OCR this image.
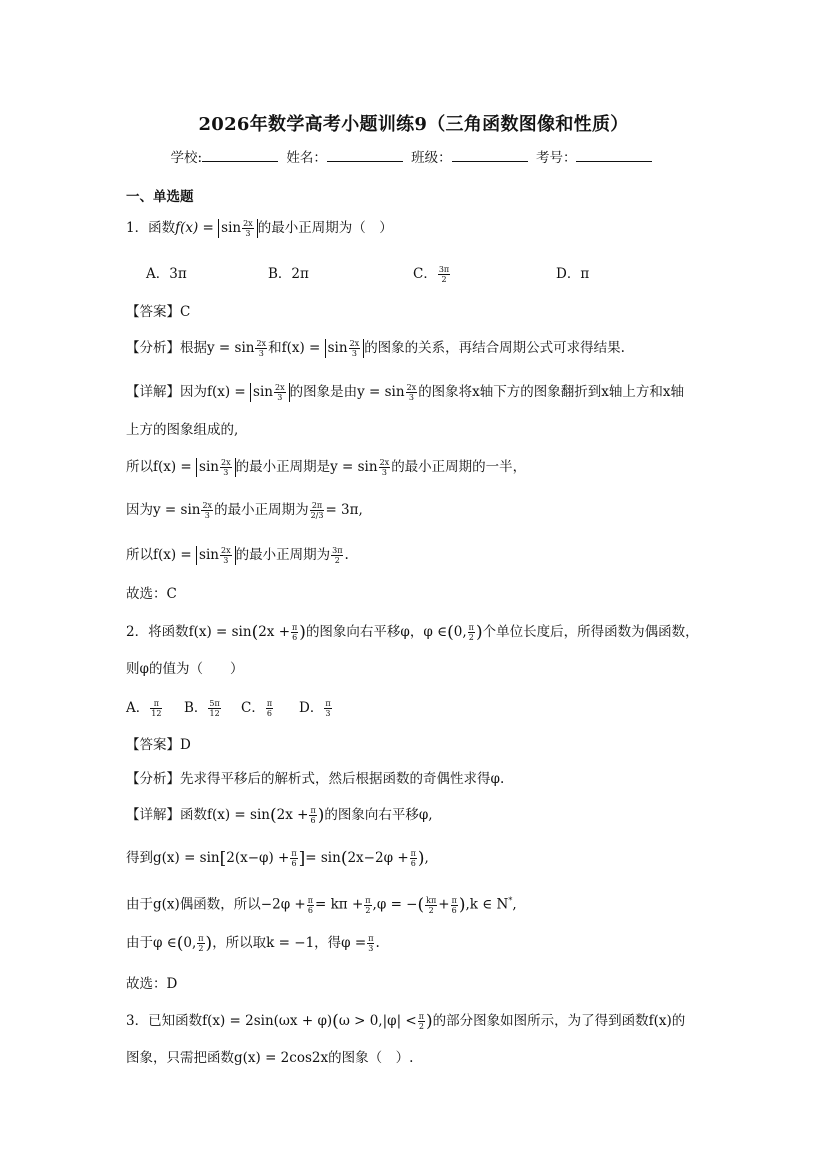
2026年数学高考小题训练9（三角函数图像和性质）
学校:	姓名：	班级：	考号：
一、单选题
1．函数$f(x) = \sin \frac{2x}{3}$ 的最小正周期为（　）
A．3π	B．2π	C． $\frac{3\pi}{2}$	D．π
【答案】C
【分析】根据$y = \sin \frac{2x}{3}$ 和$f(x) = \sin \frac{2x}{3}$ 的图象的关系，再结合周期公式可求得结果.
【详解】因为$f(x) = \sin \frac{2x}{3}$ 的图象是由$y = \sin \frac{2x}{3}$ 的图象将x轴下方的图象翻折到x轴上方和x轴
上方的图象组成的,
所以$f(x) = \sin \frac{2x}{3}$ 的最小正周期是$y = \sin \frac{2x}{3}$ 的最小正周期的一半，
因为$y = \sin \frac{2x}{3}$ 的最小正周期为 $\frac{2\pi}{2/3} = 3\pi$,
所以$f(x) = \sin \frac{2x}{3}$ 的最小正周期为 $\frac{3\pi}{2}$ .
故选：C
2．将函数$f(x) = \sin(2x + \frac{\pi}{6}$ )的图象向右平移φ，φ ∈(0, $\frac{\pi}{2}$ )个单位长度后，所得函数为偶函数，
则φ的值为（　　）
A． $\frac{\pi}{12}$ B． $\frac{5\pi}{12}$ C． $\frac{\pi}{6}$ D． $\frac{\pi}{3}$
【答案】D
【分析】先求得平移后的解析式，然后根据函数的奇偶性求得φ.
【详解】函数$f(x) = \sin(2x + \frac{\pi}{6}$ )的图象向右平移φ,
得到$g(x) = \sin[2(x-\varphi) + \frac{\pi}{6}$ ]= $\sin(2x-2\varphi + \frac{\pi}{6}$ ),
由于g(x)偶函数，所以$-2\varphi + \frac{\pi}{6} = k\pi + \frac{\pi}{2} ,\varphi$ = −( $\frac{k\pi}{2} + \frac{\pi}{6} ),k$ ∈ N*,
由于φ ∈(0, $\frac{\pi}{2}$ )，所以取k = −1，得$\varphi = \frac{\pi}{3}$ .
故选：D
3．已知函数$f(x) = 2\sin(\omega x + \varphi)(\omega > 0,|\varphi| < \frac{\pi}{2}$ )的部分图象如图所示，为了得到函数f(x)的
图象，只需把函数g(x) = 2cos2x的图象（　）.
